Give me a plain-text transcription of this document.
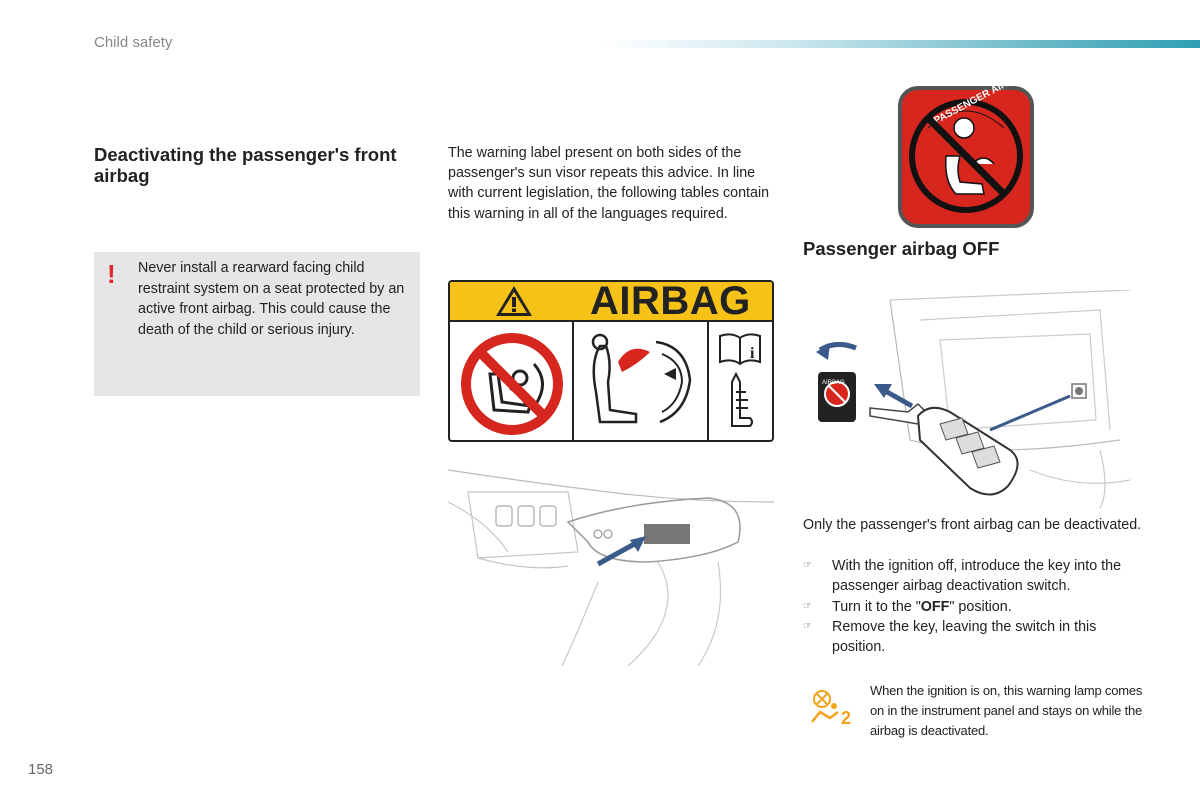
Child safety
Deactivating the passenger's front airbag
! Never install a rearward facing child restraint system on a seat protected by an active front airbag. This could cause the death of the child or serious injury.
The warning label present on both sides of the passenger's sun visor repeats this advice. In line with current legislation, the following tables contain this warning in all of the languages required.
AIRBAG
i
PASSENGER
Passenger airbag OFF
AIRBAG
Only the passenger's front airbag can be deactivated.
☞	With the ignition off, introduce the key into the passenger airbag deactivation switch.
☞	Turn it to the "OFF" position.
☞	Remove the key, leaving the switch in this position.
2
When the ignition is on, this warning lamp comes on in the instrument panel and stays on while the airbag is deactivated.
158
